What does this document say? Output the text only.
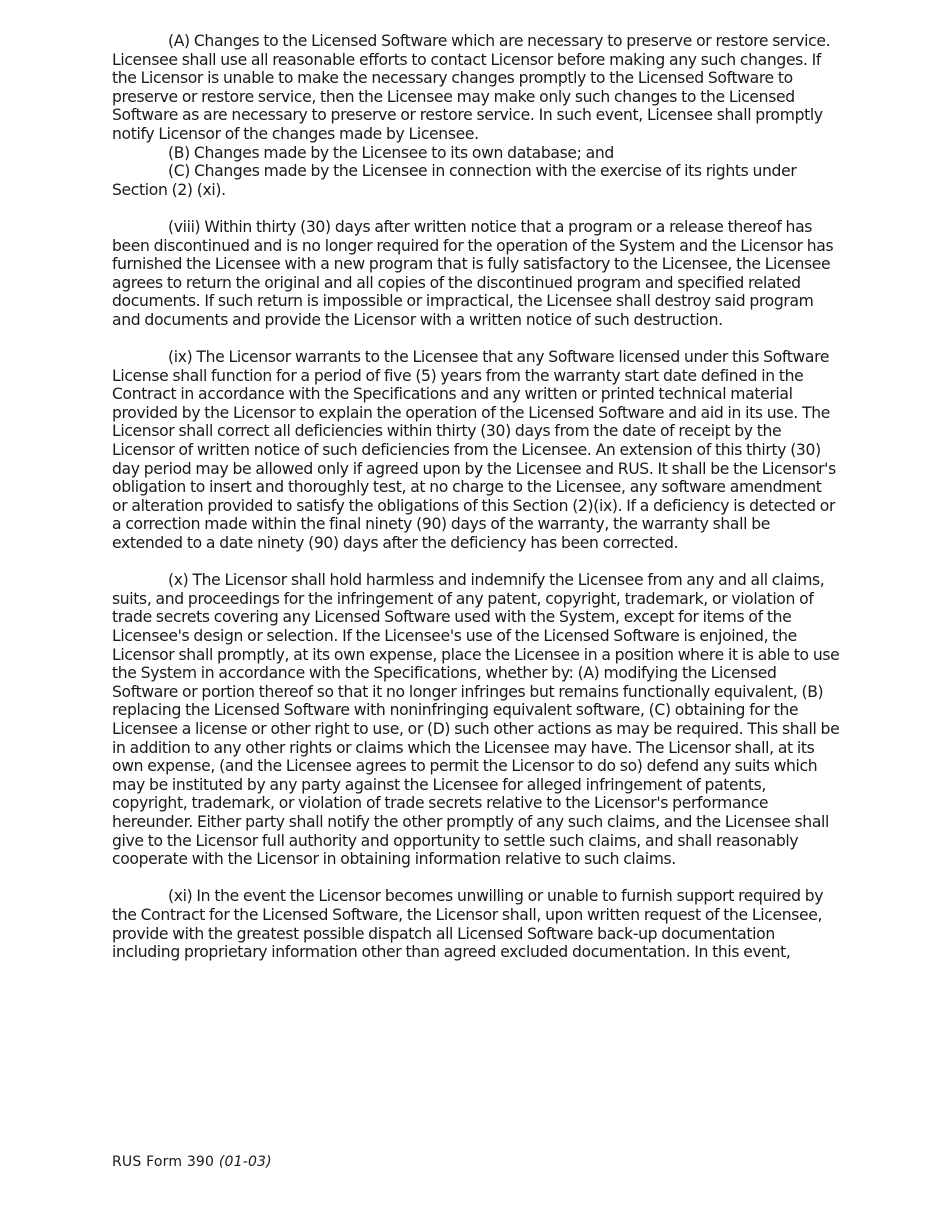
(A) Changes to the Licensed Software which are necessary to preserve or restore service. Licensee shall use all reasonable efforts to contact Licensor before making any such changes. If the Licensor is unable to make the necessary changes promptly to the Licensed Software to preserve or restore service, then the Licensee may make only such changes to the Licensed Software as are necessary to preserve or restore service. In such event, Licensee shall promptly notify Licensor of the changes made by Licensee.

(B) Changes made by the Licensee to its own database; and

(C) Changes made by the Licensee in connection with the exercise of its rights under Section (2) (xi).

(viii) Within thirty (30) days after written notice that a program or a release thereof has been discontinued and is no longer required for the operation of the System and the Licensor has furnished the Licensee with a new program that is fully satisfactory to the Licensee, the Licensee agrees to return the original and all copies of the discontinued program and specified related documents. If such return is impossible or impractical, the Licensee shall destroy said program and documents and provide the Licensor with a written notice of such destruction.

(ix) The Licensor warrants to the Licensee that any Software licensed under this Software License shall function for a period of five (5) years from the warranty start date defined in the Contract in accordance with the Specifications and any written or printed technical material provided by the Licensor to explain the operation of the Licensed Software and aid in its use. The Licensor shall correct all deficiencies within thirty (30) days from the date of receipt by the Licensor of written notice of such deficiencies from the Licensee. An extension of this thirty (30) day period may be allowed only if agreed upon by the Licensee and RUS. It shall be the Licensor's obligation to insert and thoroughly test, at no charge to the Licensee, any software amendment or alteration provided to satisfy the obligations of this Section (2)(ix). If a deficiency is detected or a correction made within the final ninety (90) days of the warranty, the warranty shall be extended to a date ninety (90) days after the deficiency has been corrected.

(x) The Licensor shall hold harmless and indemnify the Licensee from any and all claims, suits, and proceedings for the infringement of any patent, copyright, trademark, or violation of trade secrets covering any Licensed Software used with the System, except for items of the Licensee's design or selection. If the Licensee's use of the Licensed Software is enjoined, the Licensor shall promptly, at its own expense, place the Licensee in a position where it is able to use the System in accordance with the Specifications, whether by: (A) modifying the Licensed Software or portion thereof so that it no longer infringes but remains functionally equivalent, (B) replacing the Licensed Software with noninfringing equivalent software, (C) obtaining for the Licensee a license or other right to use, or (D) such other actions as may be required. This shall be in addition to any other rights or claims which the Licensee may have. The Licensor shall, at its own expense, (and the Licensee agrees to permit the Licensor to do so) defend any suits which may be instituted by any party against the Licensee for alleged infringement of patents, copyright, trademark, or violation of trade secrets relative to the Licensor's performance hereunder. Either party shall notify the other promptly of any such claims, and the Licensee shall give to the Licensor full authority and opportunity to settle such claims, and shall reasonably cooperate with the Licensor in obtaining information relative to such claims.

(xi) In the event the Licensor becomes unwilling or unable to furnish support required by the Contract for the Licensed Software, the Licensor shall, upon written request of the Licensee, provide with the greatest possible dispatch all Licensed Software back-up documentation including proprietary information other than agreed excluded documentation. In this event,

RUS Form 390 (01-03)
